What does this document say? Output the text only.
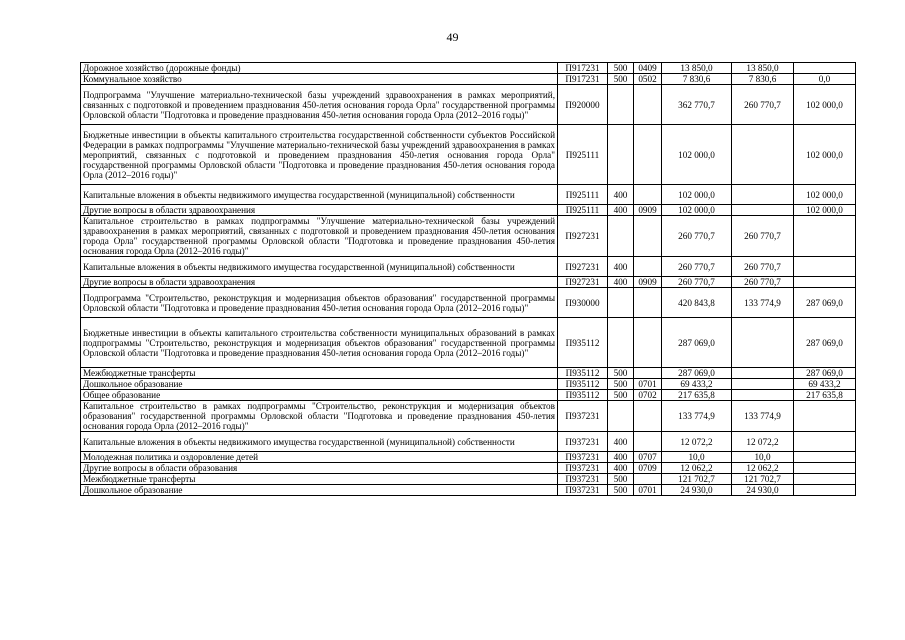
49
Дорожное хозяйство (дорожные фонды)	П917231	500	0409	13 850,0	13 850,0	
Коммунальное хозяйство	П917231	500	0502	7 830,6	7 830,6	0,0
Подпрограмма "Улучшение материально-технической базы учреждений здравоохранения в рамках мероприятий, связанных с подготовкой и проведением празднования 450-летия основания города Орла" государственной программы Орловской области "Подготовка и проведение празднования 450-летия основания города Орла (2012–2016 годы)"	П920000			362 770,7	260 770,7	102 000,0
Бюджетные инвестиции в объекты капитального строительства государственной собственности субъектов Российской Федерации в рамках подпрограммы "Улучшение материально-технической базы учреждений здравоохранения в рамках мероприятий, связанных с подготовкой и проведением празднования 450-летия основания города Орла" государственной программы Орловской области "Подготовка и проведение празднования 450-летия основания города Орла (2012–2016 годы)"	П925111			102 000,0		102 000,0
Капитальные вложения в объекты недвижимого имущества государственной (муниципальной) собственности	П925111	400		102 000,0		102 000,0
Другие вопросы в области здравоохранения	П925111	400	0909	102 000,0		102 000,0
Капитальное строительство в рамках подпрограммы "Улучшение материально-технической базы учреждений здравоохранения в рамках мероприятий, связанных с подготовкой и проведением празднования 450-летия основания города Орла" государственной программы Орловской области "Подготовка и проведение празднования 450-летия основания города Орла (2012–2016 годы)"	П927231			260 770,7	260 770,7	
Капитальные вложения в объекты недвижимого имущества государственной (муниципальной) собственности	П927231	400		260 770,7	260 770,7	
Другие вопросы в области здравоохранения	П927231	400	0909	260 770,7	260 770,7	
Подпрограмма "Строительство, реконструкция и модернизация объектов образования" государственной программы Орловской области "Подготовка и проведение празднования 450-летия основания города Орла (2012–2016 годы)"	П930000			420 843,8	133 774,9	287 069,0
Бюджетные инвестиции в объекты капитального строительства собственности муниципальных образований в рамках подпрограммы "Строительство, реконструкция и модернизация объектов образования" государственной программы Орловской области "Подготовка и проведение празднования 450-летия основания города Орла (2012–2016 годы)"	П935112			287 069,0		287 069,0
Межбюджетные трансферты	П935112	500		287 069,0		287 069,0
Дошкольное образование	П935112	500	0701	69 433,2		69 433,2
Общее образование	П935112	500	0702	217 635,8		217 635,8
Капитальное строительство в рамках подпрограммы "Строительство, реконструкция и модернизация объектов образования" государственной программы Орловской области "Подготовка и проведение празднования 450-летия основания города Орла (2012–2016 годы)"	П937231			133 774,9	133 774,9	
Капитальные вложения в объекты недвижимого имущества государственной (муниципальной) собственности	П937231	400		12 072,2	12 072,2	
Молодежная политика и оздоровление детей	П937231	400	0707	10,0	10,0	
Другие вопросы в области образования	П937231	400	0709	12 062,2	12 062,2	
Межбюджетные трансферты	П937231	500		121 702,7	121 702,7	
Дошкольное образование	П937231	500	0701	24 930,0	24 930,0	
